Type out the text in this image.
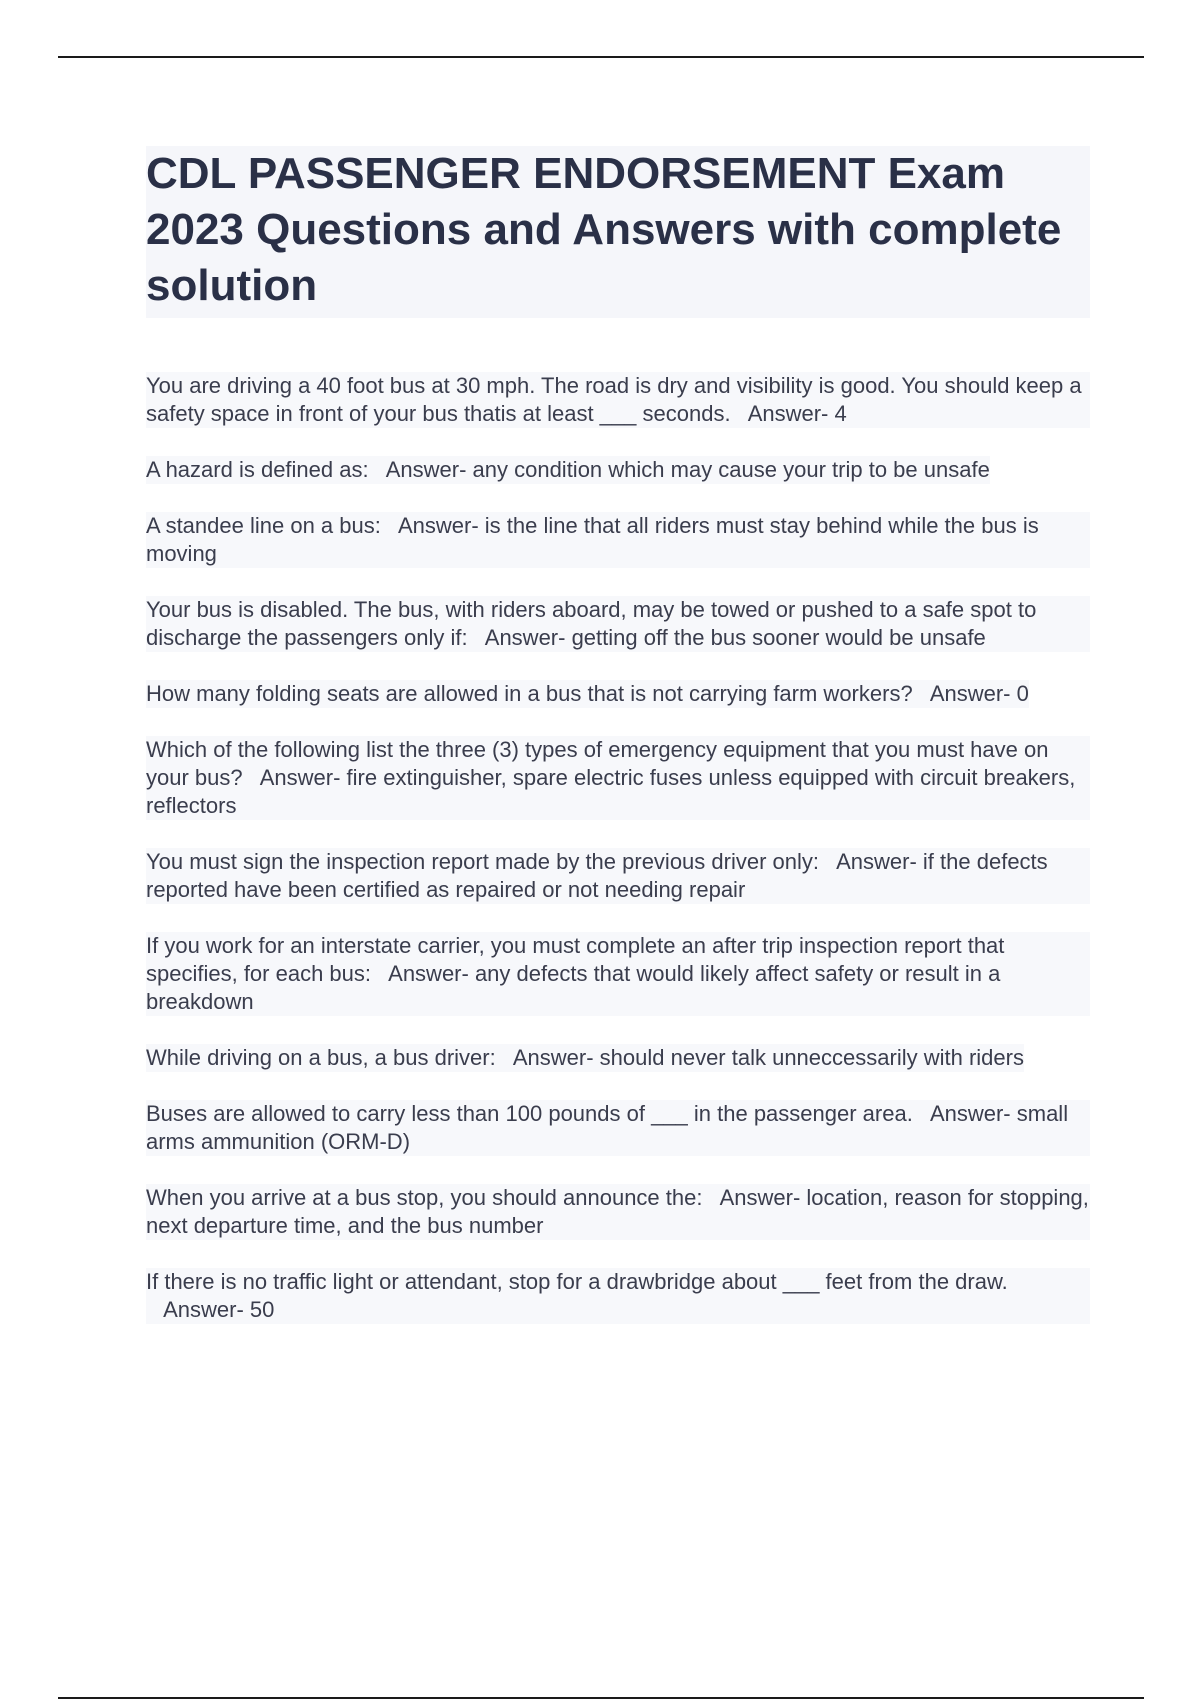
CDL PASSENGER ENDORSEMENT Exam 2023 Questions and Answers with complete solution

You are driving a 40 foot bus at 30 mph. The road is dry and visibility is good. You should keep a safety space in front of your bus thatis at least ___ seconds. Answer- 4

A hazard is defined as: Answer- any condition which may cause your trip to be unsafe

A standee line on a bus: Answer- is the line that all riders must stay behind while the bus is moving

Your bus is disabled. The bus, with riders aboard, may be towed or pushed to a safe spot to discharge the passengers only if: Answer- getting off the bus sooner would be unsafe

How many folding seats are allowed in a bus that is not carrying farm workers? Answer- 0

Which of the following list the three (3) types of emergency equipment that you must have on your bus? Answer- fire extinguisher, spare electric fuses unless equipped with circuit breakers, reflectors

You must sign the inspection report made by the previous driver only: Answer- if the defects reported have been certified as repaired or not needing repair

If you work for an interstate carrier, you must complete an after trip inspection report that specifies, for each bus: Answer- any defects that would likely affect safety or result in a breakdown

While driving on a bus, a bus driver: Answer- should never talk unneccessarily with riders

Buses are allowed to carry less than 100 pounds of ___ in the passenger area. Answer- small arms ammunition (ORM-D)

When you arrive at a bus stop, you should announce the: Answer- location, reason for stopping, next departure time, and the bus number

If there is no traffic light or attendant, stop for a drawbridge about ___ feet from the draw.   Answer- 50
